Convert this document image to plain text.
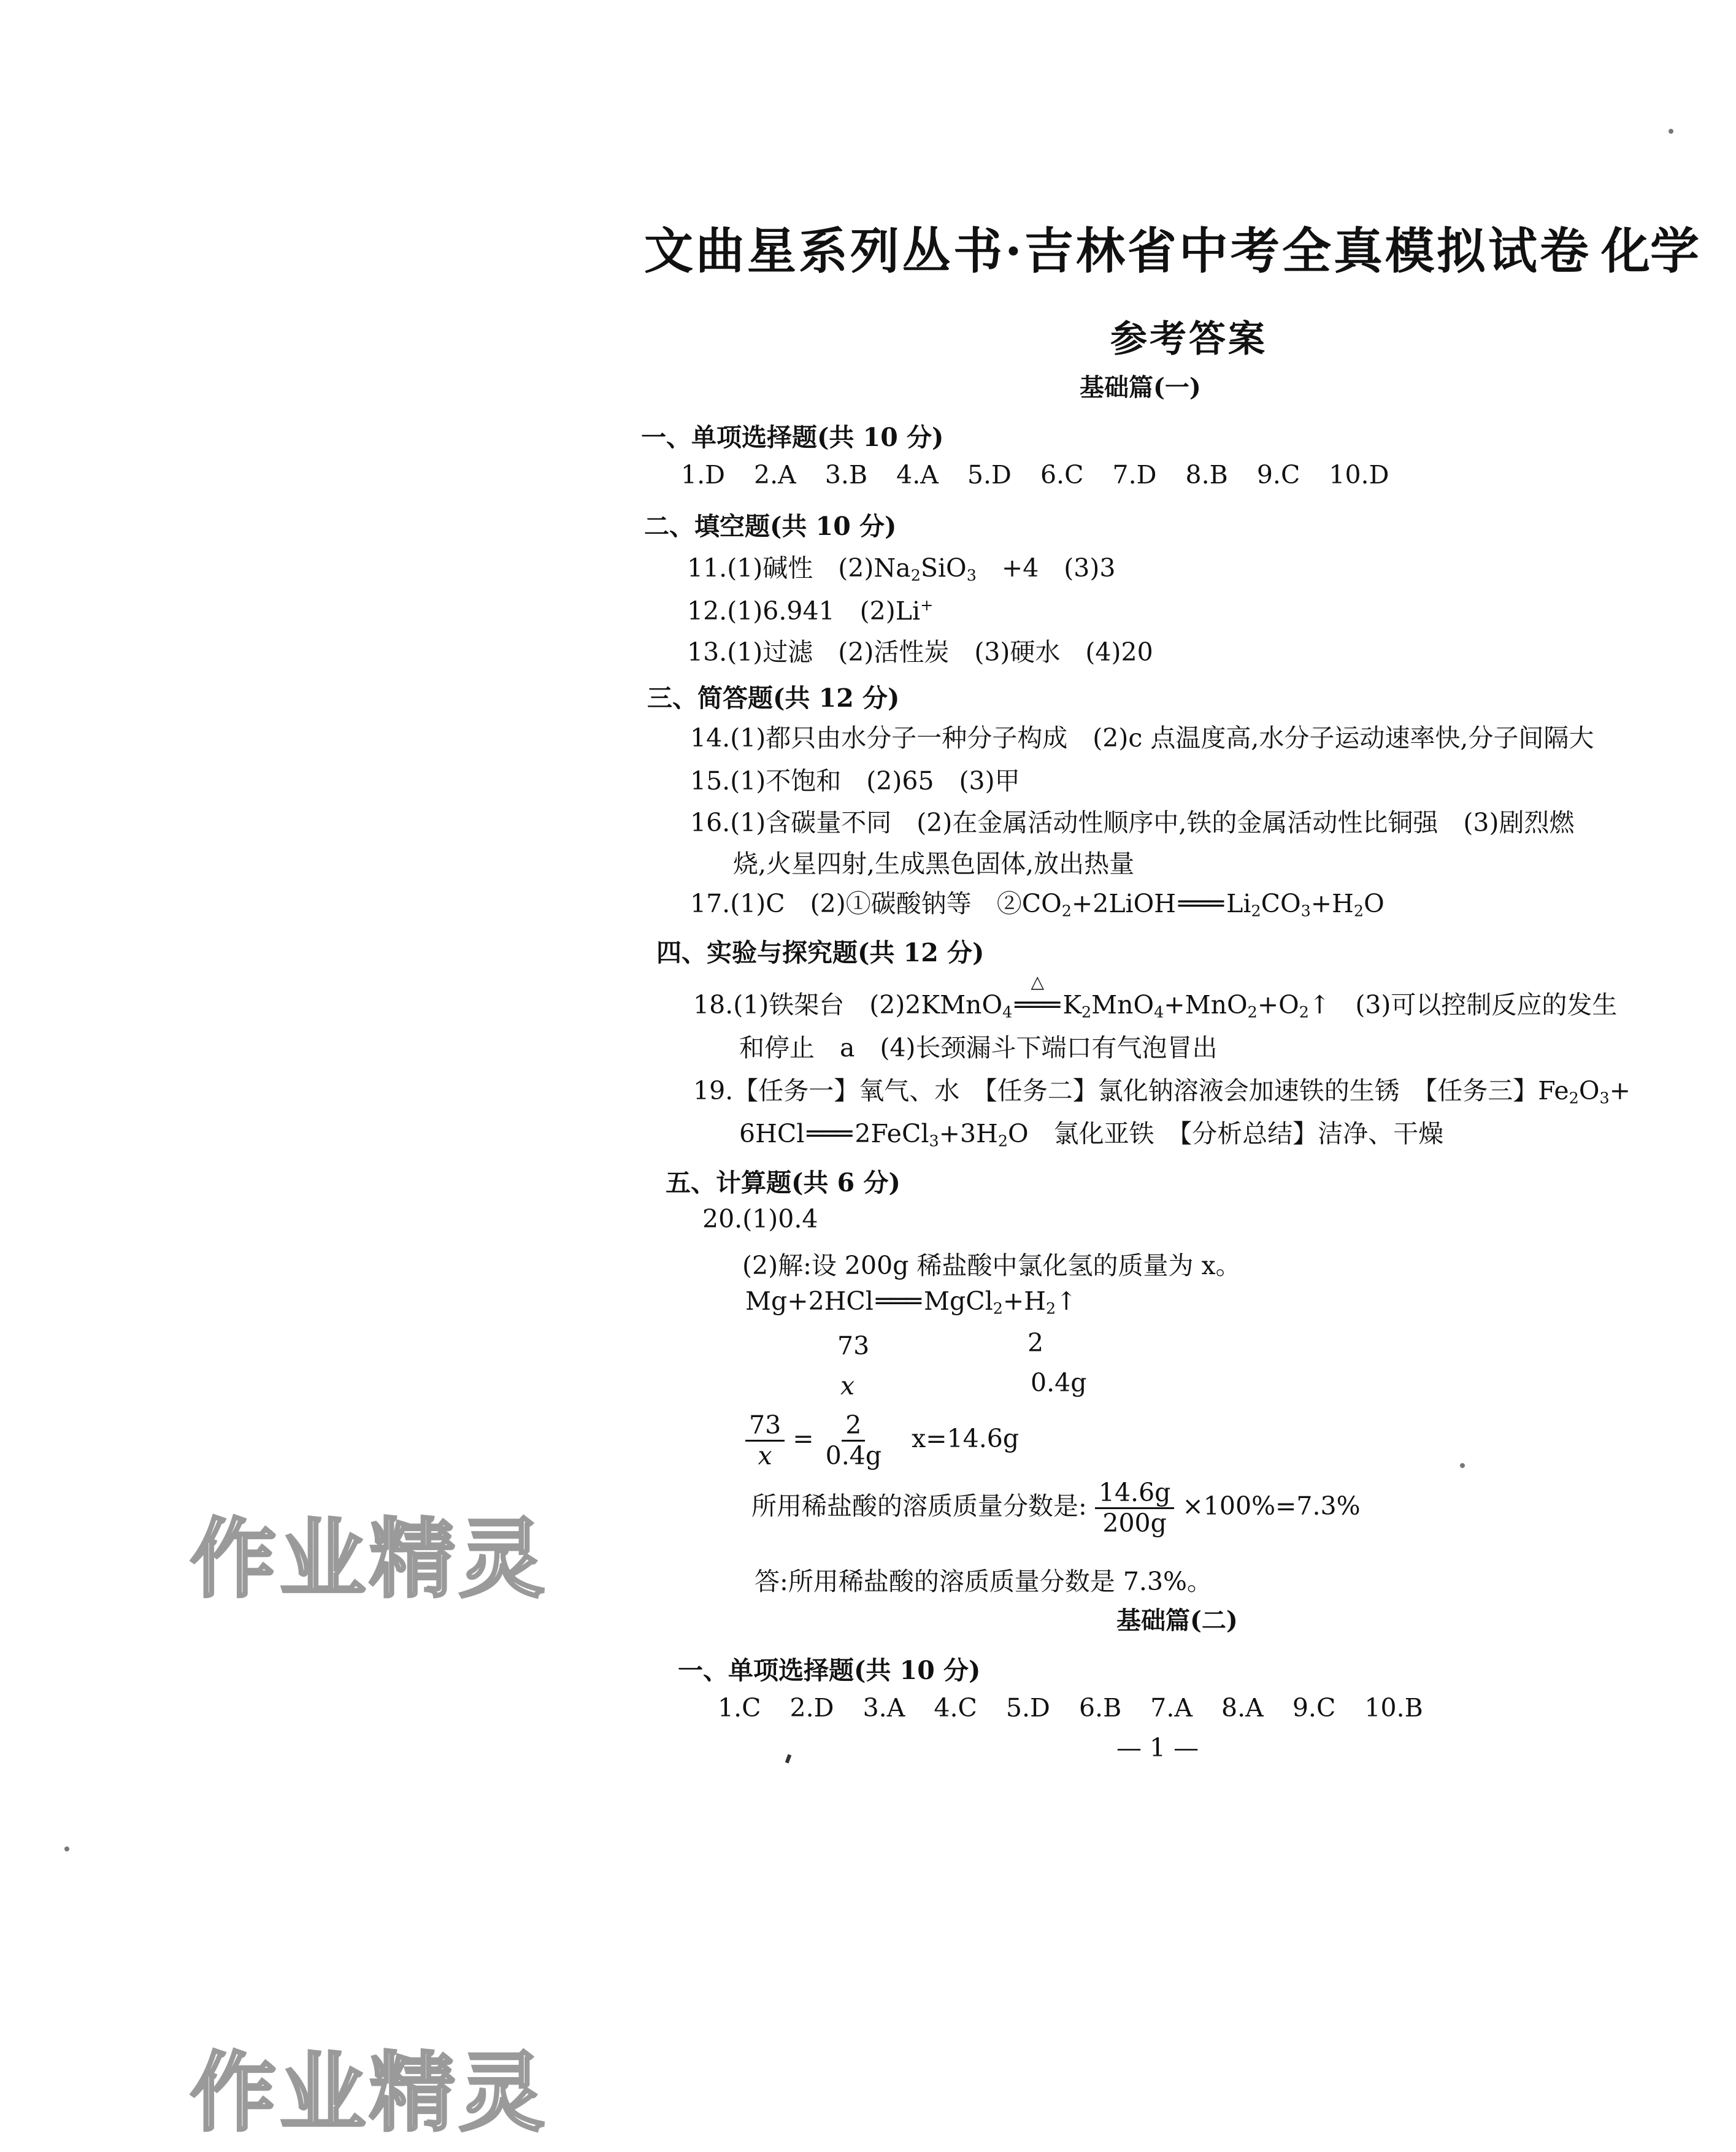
文曲星系列丛书·吉林省中考全真模拟试卷 化学
参考答案
基础篇(一)
一、单项选择题(共 10 分)
1.D 2.A 3.B 4.A 5.D 6.C 7.D 8.B 9.C 10.D
二、填空题(共 10 分)
11.(1)碱性　$(2)Na_2SiO_3$　+4　(3)3
12.(1)6.941　(2)Li+
13.(1)过滤　(2)活性炭　(3)硬水　(4)20
三、简答题(共 12 分)
14.(1)都只由水分子一种分子构成　(2)c 点温度高,水分子运动速率快,分子间隔大
15.(1)不饱和　(2)65　(3)甲
16.(1)含碳量不同　(2)在金属活动性顺序中,铁的金属活动性比铜强　(3)剧烈燃
烧,火星四射,生成黑色固体,放出热量
17.(1)C　(2)①碳酸钠等　$②CO_2+2LiOH═══Li_2CO_3+H_2O$
四、实验与探究题(共 12 分)
18.(1)铁架台　(2)2KMnO$_4$
△
$═══K_2MnO_4+MnO_2+O_2↑$　(3)可以控制反应的发生
和停止　a　(4)长颈漏斗下端口有气泡冒出
19.【任务一】氧气、水　【任务二】氯化钠溶液会加速铁的生锈　【任务三】$Fe_2O_3+$
$6HCl═══2FeCl_3+3H_2O$　氯化亚铁　【分析总结】洁净、干燥
五、计算题(共 6 分)
20.(1)0.4
(2)解:设 200g 稀盐酸中氯化氢的质量为 x。
$Mg+2HCl═══MgCl_2+H_2↑$
73	2
x	0.4g
$\frac{73}{x} = \frac{2}{0.4g} x=14.6g$
所用稀盐酸的溶质质量分数是: $\frac{14.6g}{200g} \times 100\%=7.3\%$
答:所用稀盐酸的溶质质量分数是 7.3%。
基础篇(二)
一、单项选择题(共 10 分)
1.C 2.D 3.A 4.C 5.D 6.B 7.A 8.A 9.C 10.B
— 1 —
作业精灵
作业精灵
